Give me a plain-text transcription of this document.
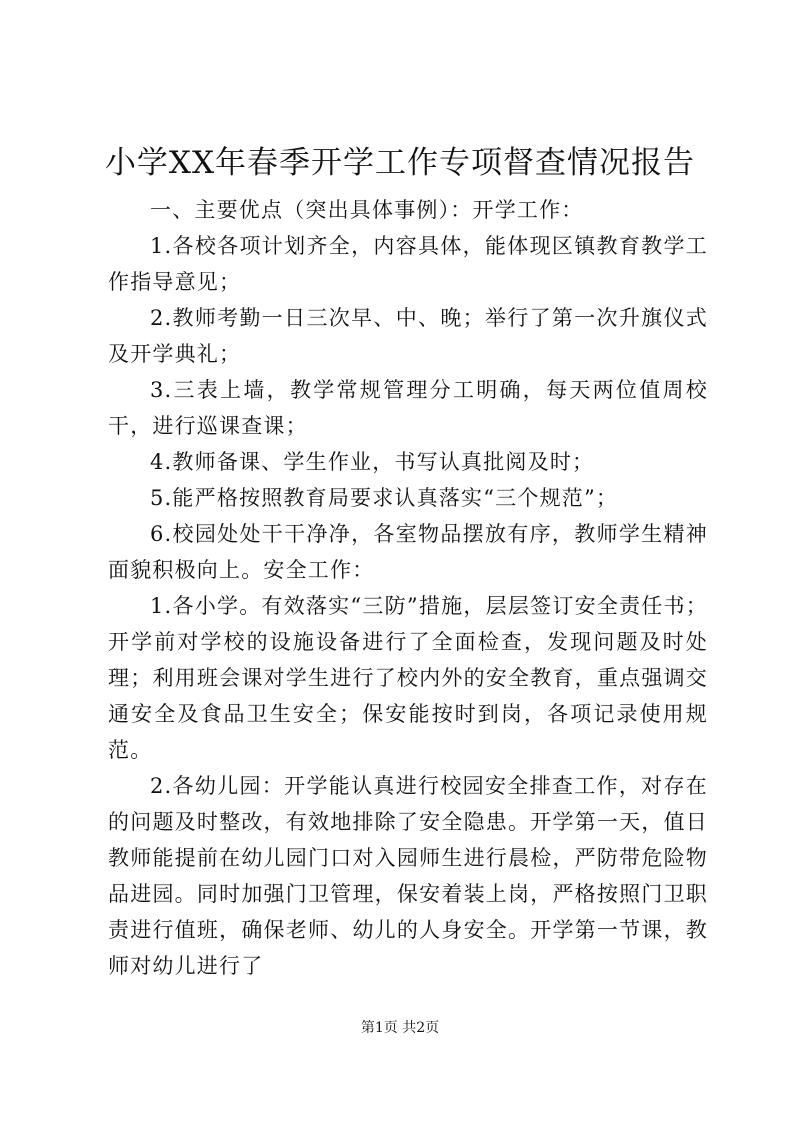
小学XX年春季开学工作专项督查情况报告

一、主要优点（突出具体事例）：开学工作：

1.各校各项计划齐全，内容具体，能体现区镇教育教学工作指导意见；

2.教师考勤一日三次早、中、晚；举行了第一次升旗仪式及开学典礼；

3.三表上墙，教学常规管理分工明确，每天两位值周校干，进行巡课查课；

4.教师备课、学生作业，书写认真批阅及时；

5.能严格按照教育局要求认真落实“三个规范”；

6.校园处处干干净净，各室物品摆放有序，教师学生精神面貌积极向上。安全工作：

1.各小学。有效落实“三防”措施，层层签订安全责任书；开学前对学校的设施设备进行了全面检查，发现问题及时处理；利用班会课对学生进行了校内外的安全教育，重点强调交通安全及食品卫生安全；保安能按时到岗，各项记录使用规范。

2.各幼儿园：开学能认真进行校园安全排查工作，对存在的问题及时整改，有效地排除了安全隐患。开学第一天，值日教师能提前在幼儿园门口对入园师生进行晨检，严防带危险物品进园。同时加强门卫管理，保安着装上岗，严格按照门卫职责进行值班，确保老师、幼儿的人身安全。开学第一节课，教师对幼儿进行了

第1页 共2页
